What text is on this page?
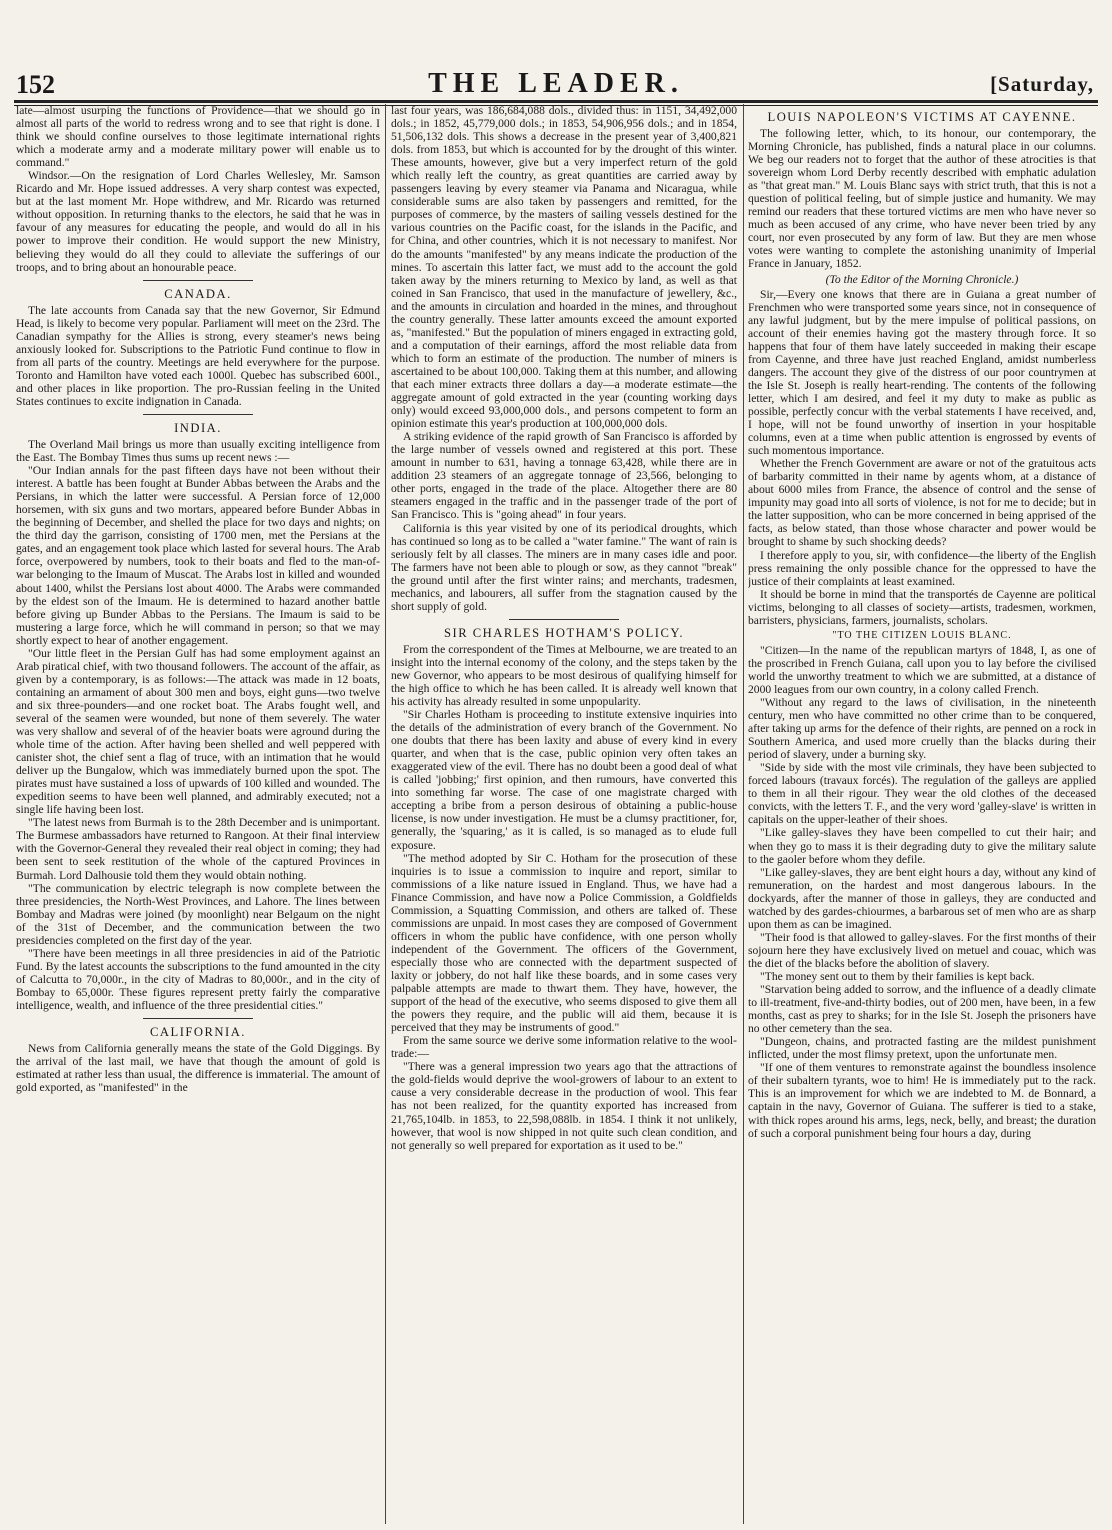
152	THE LEADER.	[Saturday,

late—almost usurping the functions of Providence—that we should go in almost all parts of the world to redress wrong and to see that right is done. I think we should confine ourselves to those legitimate international rights which a moderate army and a moderate military power will enable us to command."

Windsor.—On the resignation of Lord Charles Wellesley, Mr. Samson Ricardo and Mr. Hope issued addresses. A very sharp contest was expected, but at the last moment Mr. Hope withdrew, and Mr. Ricardo was returned without opposition. In returning thanks to the electors, he said that he was in favour of any measures for educating the people, and would do all in his power to improve their condition. He would support the new Ministry, believing they would do all they could to alleviate the sufferings of our troops, and to bring about an honourable peace.

CANADA.

The late accounts from Canada say that the new Governor, Sir Edmund Head, is likely to become very popular. Parliament will meet on the 23rd. The Canadian sympathy for the Allies is strong, every steamer's news being anxiously looked for. Subscriptions to the Patriotic Fund continue to flow in from all parts of the country. Meetings are held everywhere for the purpose. Toronto and Hamilton have voted each 1000l. Quebec has subscribed 600l., and other places in like proportion. The pro-Russian feeling in the United States continues to excite indignation in Canada.

INDIA.

The Overland Mail brings us more than usually exciting intelligence from the East. The Bombay Times thus sums up recent news :—

"Our Indian annals for the past fifteen days have not been without their interest. A battle has been fought at Bunder Abbas between the Arabs and the Persians, in which the latter were successful. A Persian force of 12,000 horsemen, with six guns and two mortars, appeared before Bunder Abbas in the beginning of December, and shelled the place for two days and nights; on the third day the garrison, consisting of 1700 men, met the Persians at the gates, and an engagement took place which lasted for several hours. The Arab force, overpowered by numbers, took to their boats and fled to the man-of-war belonging to the Imaum of Muscat. The Arabs lost in killed and wounded about 1400, whilst the Persians lost about 4000. The Arabs were commanded by the eldest son of the Imaum. He is determined to hazard another battle before giving up Bunder Abbas to the Persians. The Imaum is said to be mustering a large force, which he will command in person; so that we may shortly expect to hear of another engagement.

"Our little fleet in the Persian Gulf has had some employment against an Arab piratical chief, with two thousand followers. The account of the affair, as given by a contemporary, is as follows:—The attack was made in 12 boats, containing an armament of about 300 men and boys, eight guns—two twelve and six three-pounders—and one rocket boat. The Arabs fought well, and several of the seamen were wounded, but none of them severely. The water was very shallow and several of of the heavier boats were aground during the whole time of the action. After having been shelled and well peppered with canister shot, the chief sent a flag of truce, with an intimation that he would deliver up the Bungalow, which was immediately burned upon the spot. The pirates must have sustained a loss of upwards of 100 killed and wounded. The expedition seems to have been well planned, and admirably executed; not a single life having been lost.

"The latest news from Burmah is to the 28th December and is unimportant. The Burmese ambassadors have returned to Rangoon. At their final interview with the Governor-General they revealed their real object in coming; they had been sent to seek restitution of the whole of the captured Provinces in Burmah. Lord Dalhousie told them they would obtain nothing.

"The communication by electric telegraph is now complete between the three presidencies, the North-West Provinces, and Lahore. The lines between Bombay and Madras were joined (by moonlight) near Belgaum on the night of the 31st of December, and the communication between the two presidencies completed on the first day of the year.

"There have been meetings in all three presidencies in aid of the Patriotic Fund. By the latest accounts the subscriptions to the fund amounted in the city of Calcutta to 70,000r., in the city of Madras to 80,000r., and in the city of Bombay to 65,000r. These figures represent pretty fairly the comparative intelligence, wealth, and influence of the three presidential cities."

CALIFORNIA.

News from California generally means the state of the Gold Diggings. By the arrival of the last mail, we have that though the amount of gold is estimated at rather less than usual, the difference is immaterial. The amount of gold exported, as "manifested" in the

last four years, was 186,684,088 dols., divided thus: in 1151, 34,492,000 dols.; in 1852, 45,779,000 dols.; in 1853, 54,906,956 dols.; and in 1854, 51,506,132 dols. This shows a decrease in the present year of 3,400,821 dols. from 1853, but which is accounted for by the drought of this winter. These amounts, however, give but a very imperfect return of the gold which really left the country, as great quantities are carried away by passengers leaving by every steamer via Panama and Nicaragua, while considerable sums are also taken by passengers and remitted, for the purposes of commerce, by the masters of sailing vessels destined for the various countries on the Pacific coast, for the islands in the Pacific, and for China, and other countries, which it is not necessary to manifest. Nor do the amounts "manifested" by any means indicate the production of the mines. To ascertain this latter fact, we must add to the account the gold taken away by the miners returning to Mexico by land, as well as that coined in San Francisco, that used in the manufacture of jewellery, &c., and the amounts in circulation and hoarded in the mines, and throughout the country generally. These latter amounts exceed the amount exported as, "manifested." But the population of miners engaged in extracting gold, and a computation of their earnings, afford the most reliable data from which to form an estimate of the production. The number of miners is ascertained to be about 100,000. Taking them at this number, and allowing that each miner extracts three dollars a day—a moderate estimate—the aggregate amount of gold extracted in the year (counting working days only) would exceed 93,000,000 dols., and persons competent to form an opinion estimate this year's production at 100,000,000 dols.

A striking evidence of the rapid growth of San Francisco is afforded by the large number of vessels owned and registered at this port. These amount in number to 631, having a tonnage 63,428, while there are in addition 23 steamers of an aggregate tonnage of 23,566, belonging to other ports, engaged in the trade of the place. Altogether there are 80 steamers engaged in the traffic and in the passenger trade of the port of San Francisco. This is "going ahead" in four years.

California is this year visited by one of its periodical droughts, which has continued so long as to be called a "water famine." The want of rain is seriously felt by all classes. The miners are in many cases idle and poor. The farmers have not been able to plough or sow, as they cannot "break" the ground until after the first winter rains; and merchants, tradesmen, mechanics, and labourers, all suffer from the stagnation caused by the short supply of gold.

SIR CHARLES HOTHAM'S POLICY.

From the correspondent of the Times at Melbourne, we are treated to an insight into the internal economy of the colony, and the steps taken by the new Governor, who appears to be most desirous of qualifying himself for the high office to which he has been called. It is already well known that his activity has already resulted in some unpopularity.

"Sir Charles Hotham is proceeding to institute extensive inquiries into the details of the administration of every branch of the Government. No one doubts that there has been laxity and abuse of every kind in every quarter, and when that is the case, public opinion very often takes an exaggerated view of the evil. There has no doubt been a good deal of what is called 'jobbing;' first opinion, and then rumours, have converted this into something far worse. The case of one magistrate charged with accepting a bribe from a person desirous of obtaining a public-house license, is now under investigation. He must be a clumsy practitioner, for, generally, the 'squaring,' as it is called, is so managed as to elude full exposure.

"The method adopted by Sir C. Hotham for the prosecution of these inquiries is to issue a commission to inquire and report, similar to commissions of a like nature issued in England. Thus, we have had a Finance Commission, and have now a Police Commission, a Goldfields Commission, a Squatting Commission, and others are talked of. These commissions are unpaid. In most cases they are composed of Government officers in whom the public have confidence, with one person wholly independent of the Government. The officers of the Government, especially those who are connected with the department suspected of laxity or jobbery, do not half like these boards, and in some cases very palpable attempts are made to thwart them. They have, however, the support of the head of the executive, who seems disposed to give them all the powers they require, and the public will aid them, because it is perceived that they may be instruments of good."

From the same source we derive some information relative to the wool-trade:—

"There was a general impression two years ago that the attractions of the gold-fields would deprive the wool-growers of labour to an extent to cause a very considerable decrease in the production of wool. This fear has not been realized, for the quantity exported has increased from 21,765,104lb. in 1853, to 22,598,088lb. in 1854. I think it not unlikely, however, that wool is now shipped in not quite such clean condition, and not generally so well prepared for exportation as it used to be."

LOUIS NAPOLEON'S VICTIMS AT CAYENNE.

The following letter, which, to its honour, our contemporary, the Morning Chronicle, has published, finds a natural place in our columns. We beg our readers not to forget that the author of these atrocities is that sovereign whom Lord Derby recently described with emphatic adulation as "that great man." M. Louis Blanc says with strict truth, that this is not a question of political feeling, but of simple justice and humanity. We may remind our readers that these tortured victims are men who have never so much as been accused of any crime, who have never been tried by any court, nor even prosecuted by any form of law. But they are men whose votes were wanting to complete the astonishing unanimity of Imperial France in January, 1852.

(To the Editor of the Morning Chronicle.)

Sir,—Every one knows that there are in Guiana a great number of Frenchmen who were transported some years since, not in consequence of any lawful judgment, but by the mere impulse of political passions, on account of their enemies having got the mastery through force. It so happens that four of them have lately succeeded in making their escape from Cayenne, and three have just reached England, amidst numberless dangers. The account they give of the distress of our poor countrymen at the Isle St. Joseph is really heart-rending. The contents of the following letter, which I am desired, and feel it my duty to make as public as possible, perfectly concur with the verbal statements I have received, and, I hope, will not be found unworthy of insertion in your hospitable columns, even at a time when public attention is engrossed by events of such momentous importance.

Whether the French Government are aware or not of the gratuitous acts of barbarity committed in their name by agents whom, at a distance of about 6000 miles from France, the absence of control and the sense of impunity may goad into all sorts of violence, is not for me to decide; but in the latter supposition, who can be more concerned in being apprised of the facts, as below stated, than those whose character and power would be brought to shame by such shocking deeds?

I therefore apply to you, sir, with confidence—the liberty of the English press remaining the only possible chance for the oppressed to have the justice of their complaints at least examined.

It should be borne in mind that the transportés de Cayenne are political victims, belonging to all classes of society—artists, tradesmen, workmen, barristers, physicians, farmers, journalists, scholars.

"TO THE CITIZEN LOUIS BLANC.

"Citizen—In the name of the republican martyrs of 1848, I, as one of the proscribed in French Guiana, call upon you to lay before the civilised world the unworthy treatment to which we are submitted, at a distance of 2000 leagues from our own country, in a colony called French.

"Without any regard to the laws of civilisation, in the nineteenth century, men who have committed no other crime than to be conquered, after taking up arms for the defence of their rights, are penned on a rock in Southern America, and used more cruelly than the blacks during their period of slavery, under a burning sky.

"Side by side with the most vile criminals, they have been subjected to forced labours (travaux forcés). The regulation of the galleys are applied to them in all their rigour. They wear the old clothes of the deceased convicts, with the letters T. F., and the very word 'galley-slave' is written in capitals on the upper-leather of their shoes.

"Like galley-slaves they have been compelled to cut their hair; and when they go to mass it is their degrading duty to give the military salute to the gaoler before whom they defile.

"Like galley-slaves, they are bent eight hours a day, without any kind of remuneration, on the hardest and most dangerous labours. In the dockyards, after the manner of those in galleys, they are conducted and watched by des gardes-chiourmes, a barbarous set of men who are as sharp upon them as can be imagined.

"Their food is that allowed to galley-slaves. For the first months of their sojourn here they have exclusively lived on metuel and couac, which was the diet of the blacks before the abolition of slavery.

"The money sent out to them by their families is kept back.

"Starvation being added to sorrow, and the influence of a deadly climate to ill-treatment, five-and-thirty bodies, out of 200 men, have been, in a few months, cast as prey to sharks; for in the Isle St. Joseph the prisoners have no other cemetery than the sea.

"Dungeon, chains, and protracted fasting are the mildest punishment inflicted, under the most flimsy pretext, upon the unfortunate men.

"If one of them ventures to remonstrate against the boundless insolence of their subaltern tyrants, woe to him! He is immediately put to the rack. This is an improvement for which we are indebted to M. de Bonnard, a captain in the navy, Governor of Guiana. The sufferer is tied to a stake, with thick ropes around his arms, legs, neck, belly, and breast; the duration of such a corporal punishment being four hours a day, during
